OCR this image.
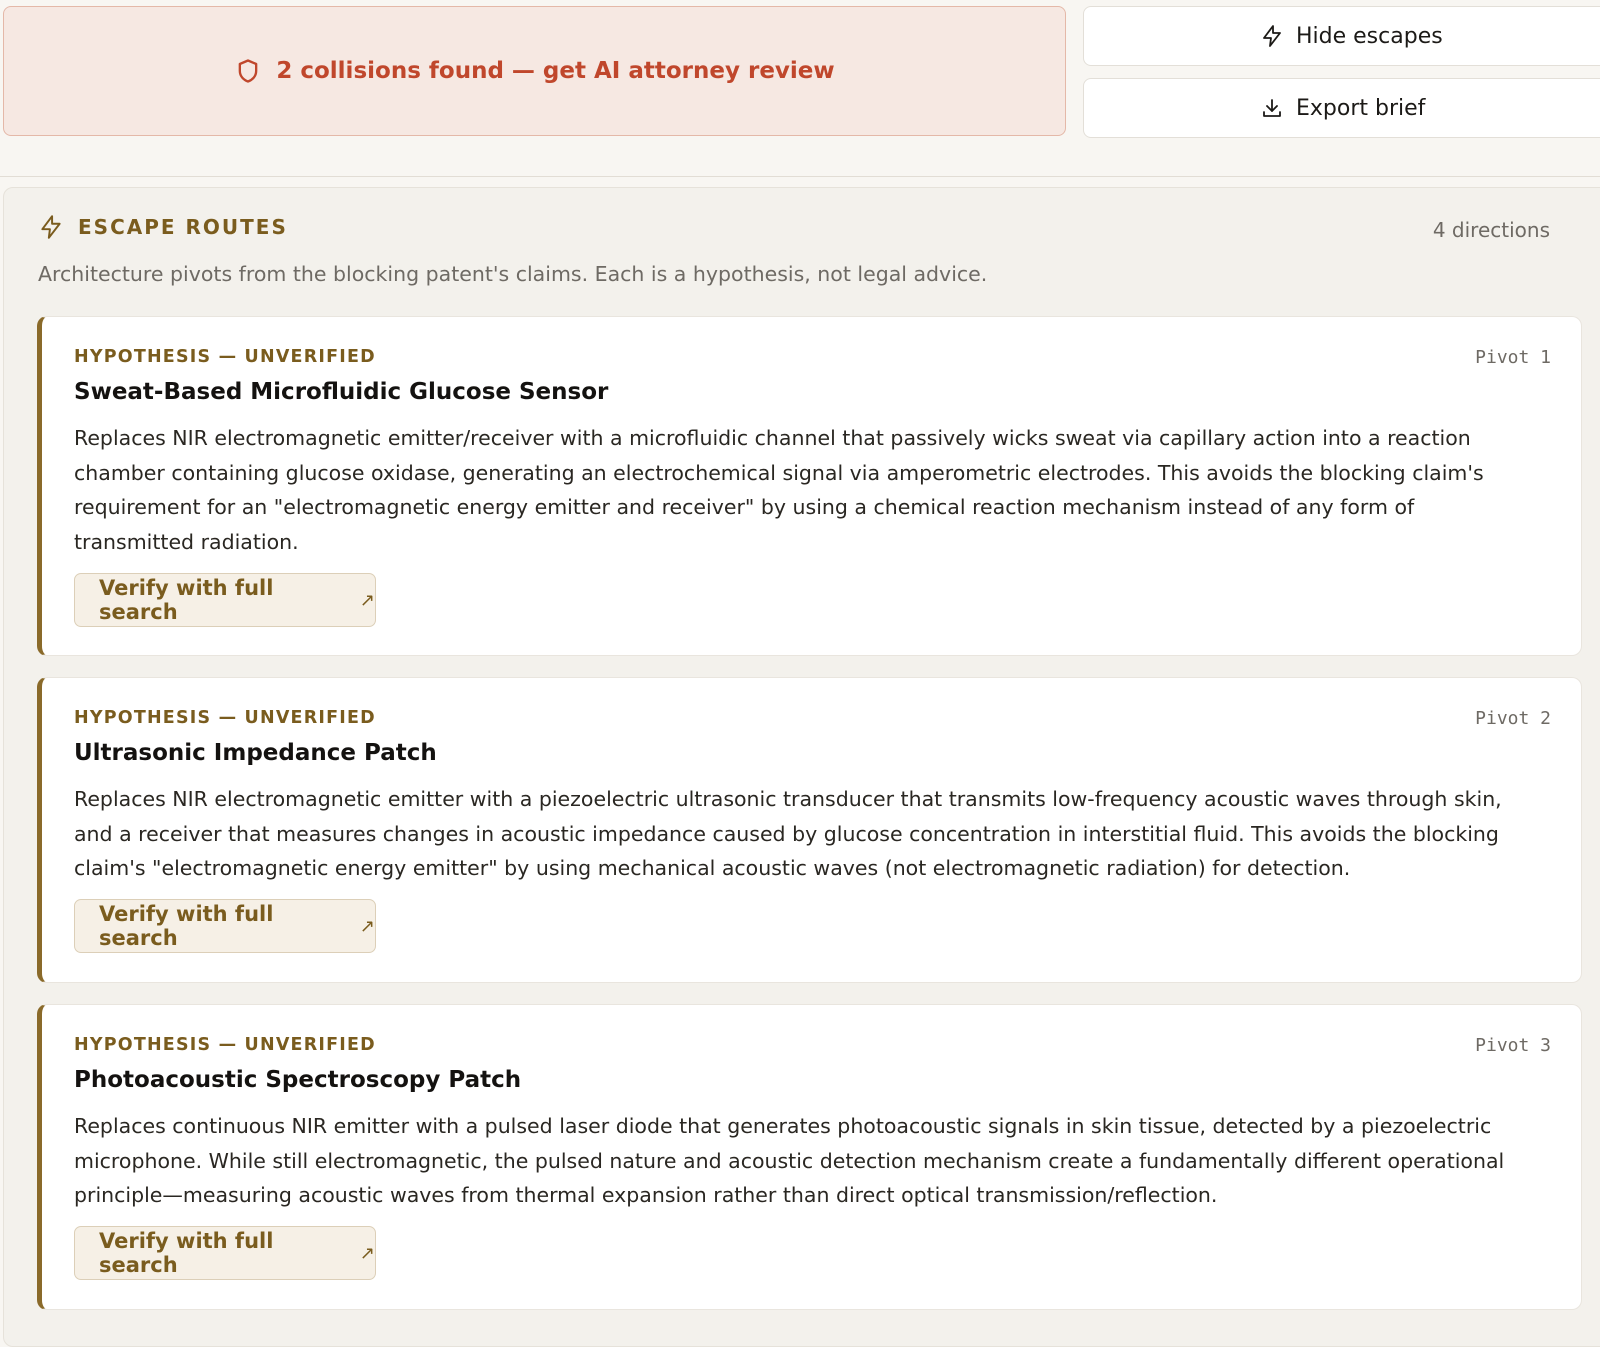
2 collisions found — get AI attorney review
Hide escapes
Export brief
ESCAPE ROUTES	4 directions
Architecture pivots from the blocking patent's claims. Each is a hypothesis, not legal advice.
HYPOTHESIS — UNVERIFIED	Pivot 1
Sweat-Based Microfluidic Glucose Sensor

Replaces NIR electromagnetic emitter/receiver with a microfluidic channel that passively wicks sweat via capillary action into a reaction chamber containing glucose oxidase, generating an electrochemical signal via amperometric electrodes. This avoids the blocking claim's requirement for an "electromagnetic energy emitter and receiver" by using a chemical reaction mechanism instead of any form of transmitted radiation.

Verify with full search	↗
HYPOTHESIS — UNVERIFIED	Pivot 2
Ultrasonic Impedance Patch

Replaces NIR electromagnetic emitter with a piezoelectric ultrasonic transducer that transmits low-frequency acoustic waves through skin, and a receiver that measures changes in acoustic impedance caused by glucose concentration in interstitial fluid. This avoids the blocking claim's "electromagnetic energy emitter" by using mechanical acoustic waves (not electromagnetic radiation) for detection.

Verify with full search	↗
HYPOTHESIS — UNVERIFIED	Pivot 3
Photoacoustic Spectroscopy Patch

Replaces continuous NIR emitter with a pulsed laser diode that generates photoacoustic signals in skin tissue, detected by a piezoelectric microphone. While still electromagnetic, the pulsed nature and acoustic detection mechanism create a fundamentally different operational principle—measuring acoustic waves from thermal expansion rather than direct optical transmission/reflection.

Verify with full search	↗
